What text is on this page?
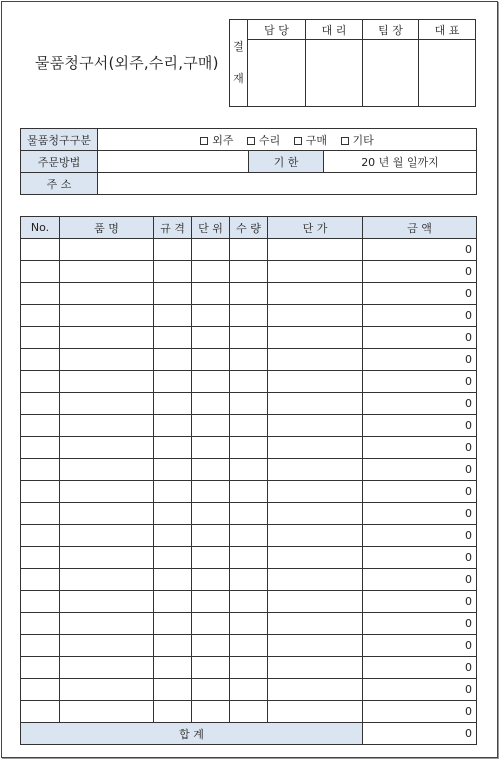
물품청구서(외주,수리,구매)
결
재	담 당	대 리	팀 장	대 표

물품청구구분	외주 수리 구매 기타		
주문방법		기 한	20 년 월 일까지
주 소			
No.	품 명	규 격	단 위	수 량	단 가	금 액
						0
						0
						0
						0
						0
						0
						0
						0
						0
						0
						0
						0
						0
						0
						0
						0
						0
						0
						0
						0
						0
						0
합 계						0
